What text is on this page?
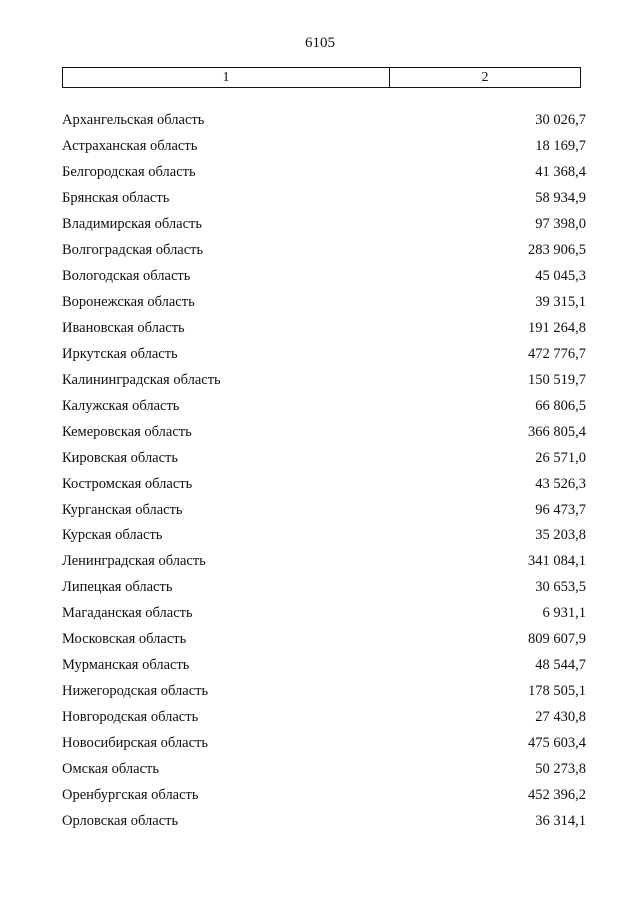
6105
1	2
Архангельская область	30 026,7
Астраханская область	18 169,7
Белгородская область	41 368,4
Брянская область	58 934,9
Владимирская область	97 398,0
Волгоградская область	283 906,5
Вологодская область	45 045,3
Воронежская область	39 315,1
Ивановская область	191 264,8
Иркутская область	472 776,7
Калининградская область	150 519,7
Калужская область	66 806,5
Кемеровская область	366 805,4
Кировская область	26 571,0
Костромская область	43 526,3
Курганская область	96 473,7
Курская область	35 203,8
Ленинградская область	341 084,1
Липецкая область	30 653,5
Магаданская область	6 931,1
Московская область	809 607,9
Мурманская область	48 544,7
Нижегородская область	178 505,1
Новгородская область	27 430,8
Новосибирская область	475 603,4
Омская область	50 273,8
Оренбургская область	452 396,2
Орловская область	36 314,1
